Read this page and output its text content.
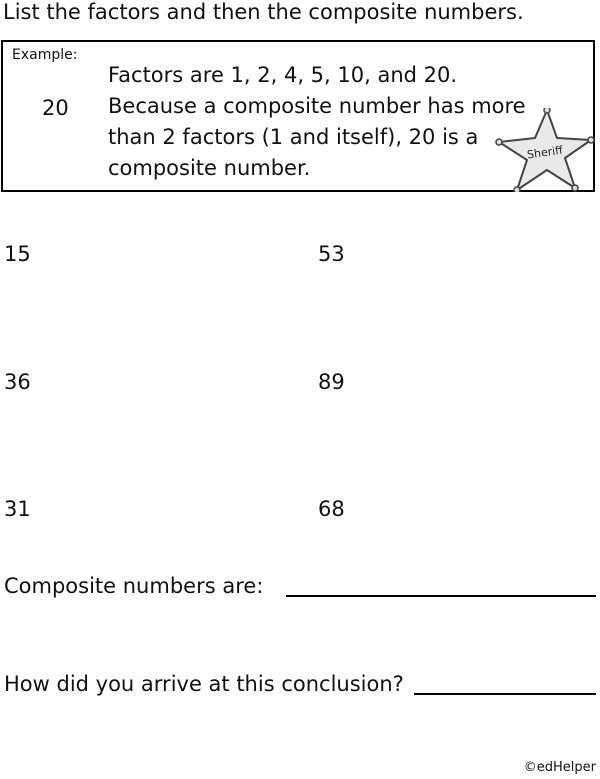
List the factors and then the composite numbers.
Example:
20
Factors are 1, 2, 4, 5, 10, and 20.
Because a composite number has more
than 2 factors (1 and itself), 20 is a
composite number.
Sheriff
15	53
36	89
31	68
Composite numbers are:
How did you arrive at this conclusion?
©edHelper
